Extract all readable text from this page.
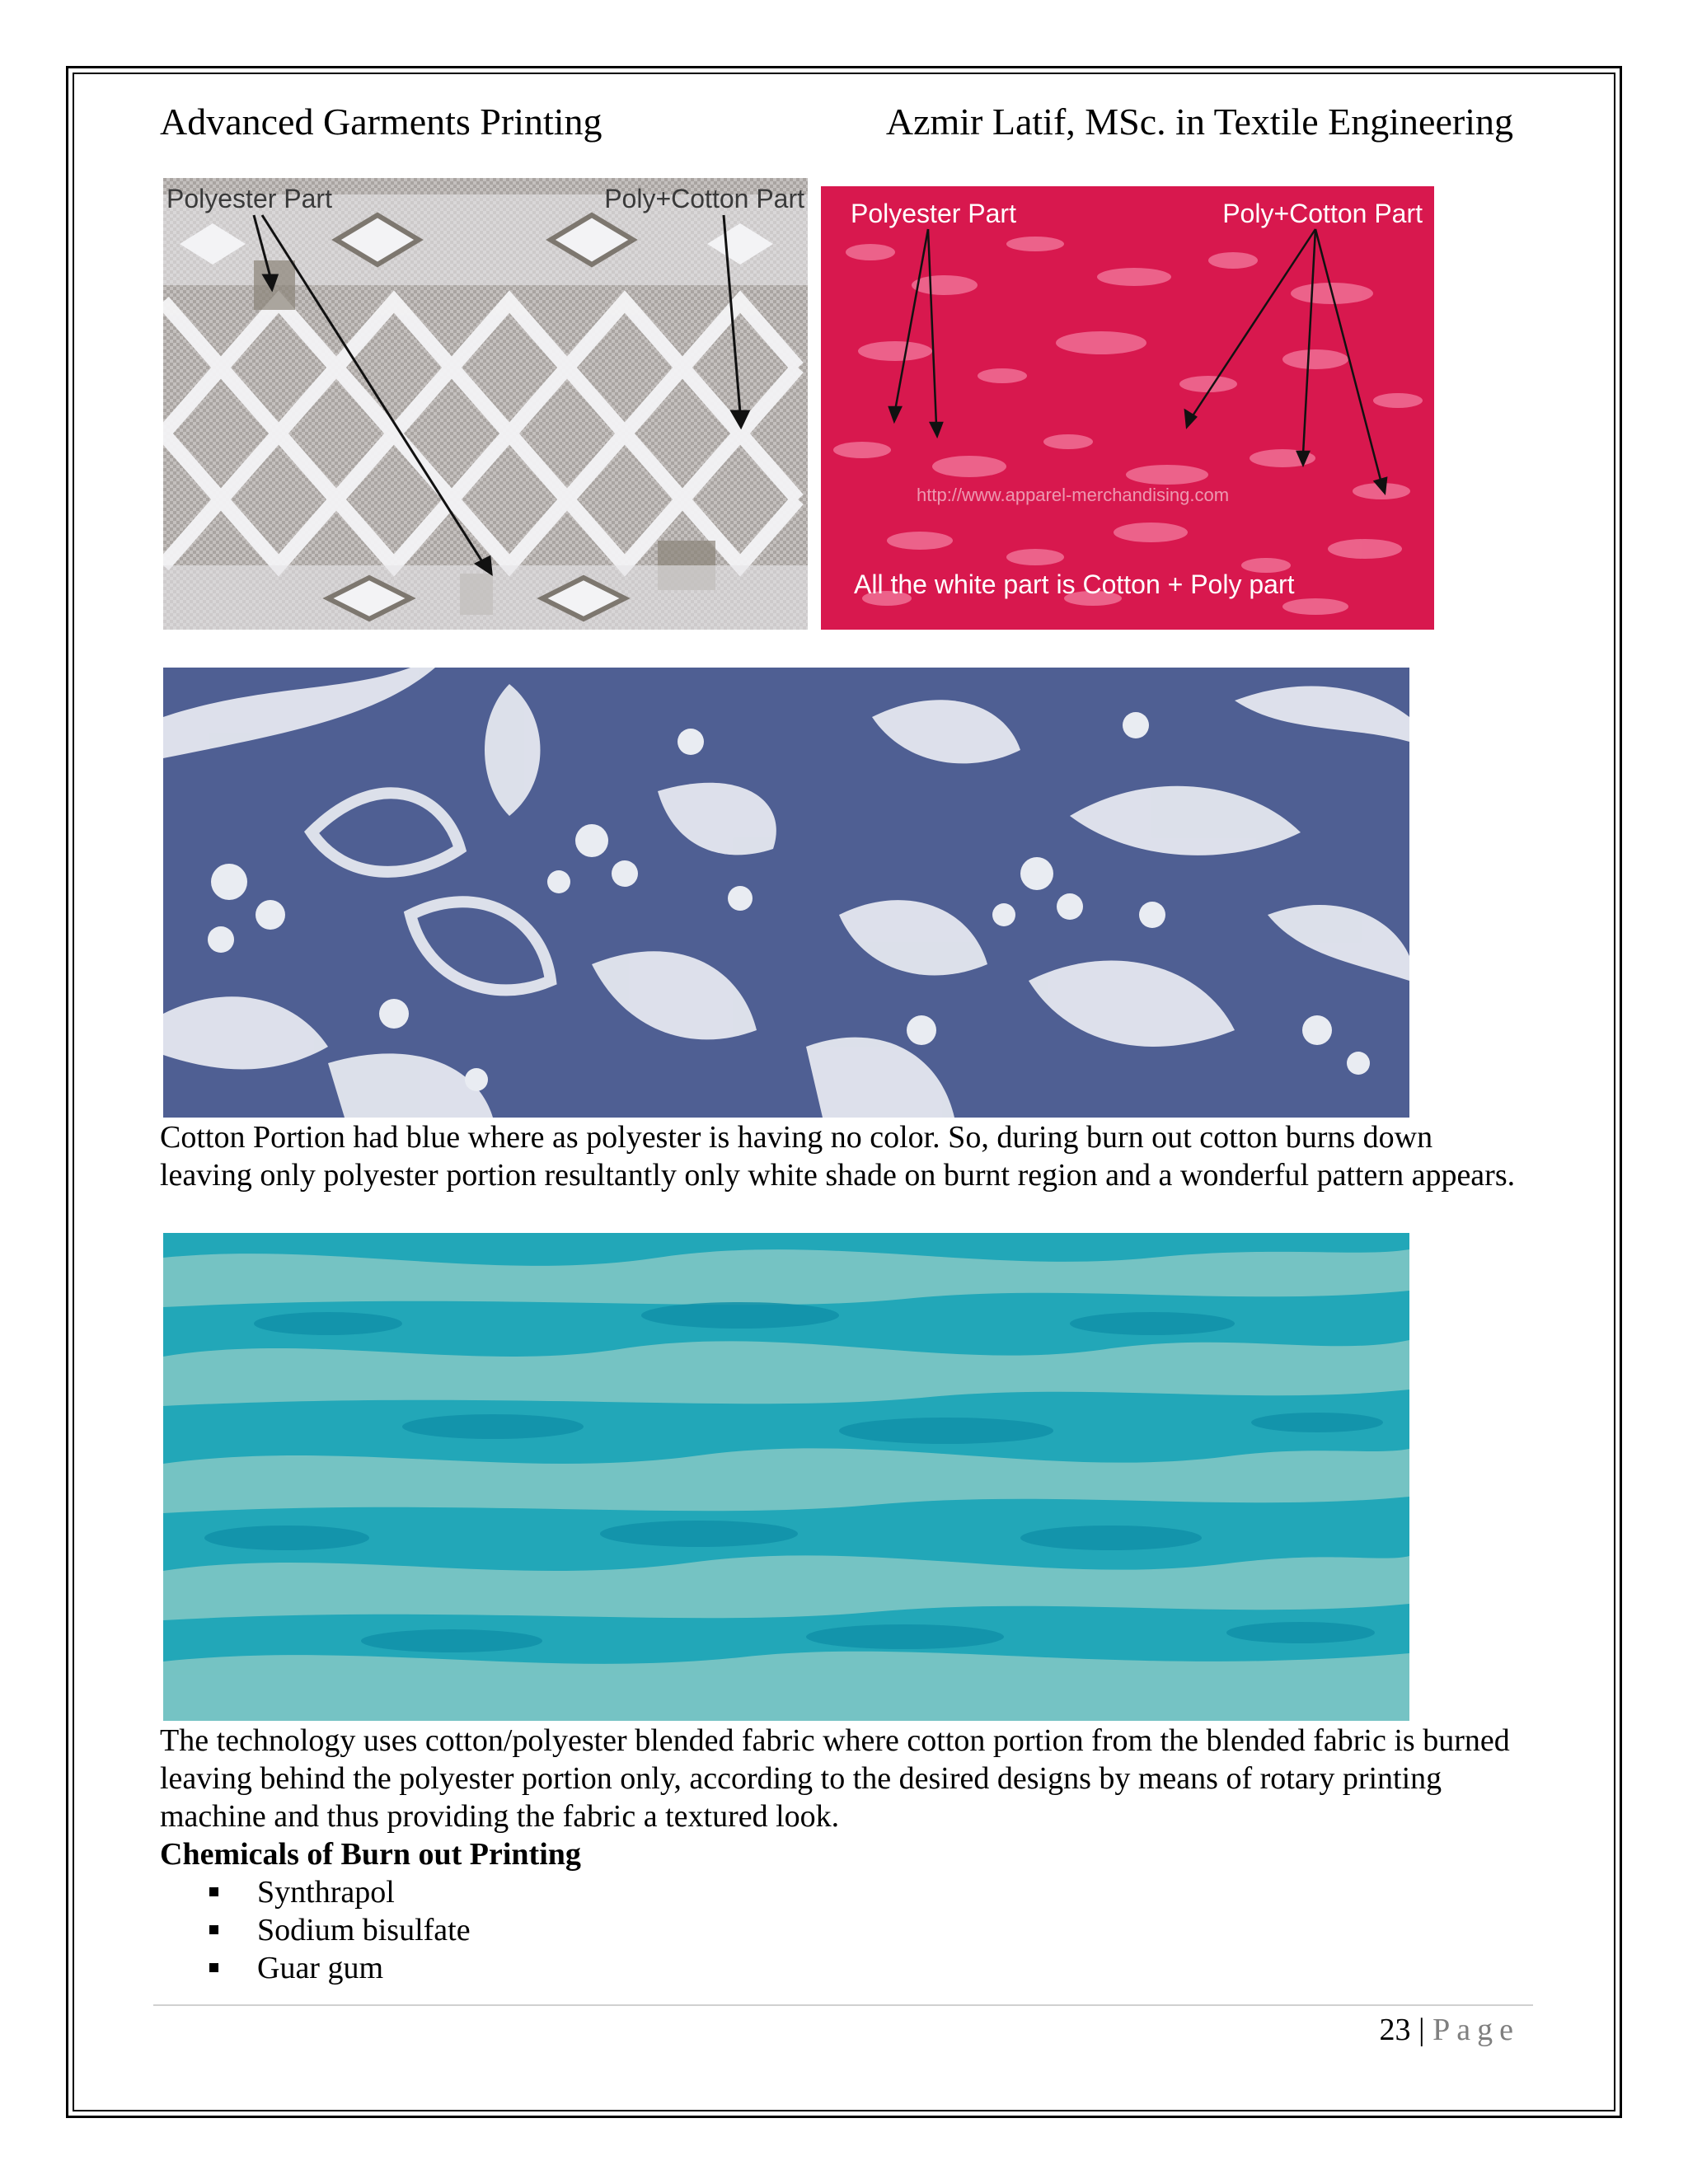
Advanced Garments Printing	Azmir Latif, MSc. in Textile Engineering
Polyester Part	Poly+Cotton Part Polyester Part	Poly+Cotton Part
http://www.apparel-merchandising.com
All the white part is Cotton + Poly part

Cotton Portion had blue where as polyester is having no color. So, during burn out cotton burns down leaving only polyester portion resultantly only white shade on burnt region and a wonderful pattern appears.

The technology uses cotton/polyester blended fabric where cotton portion from the blended fabric is burned leaving behind the polyester portion only, according to the desired designs by means of rotary printing machine and thus providing the fabric a textured look.

Chemicals of Burn out Printing

Synthrapol
Sodium bisulfate
Guar gum
23 | Page
